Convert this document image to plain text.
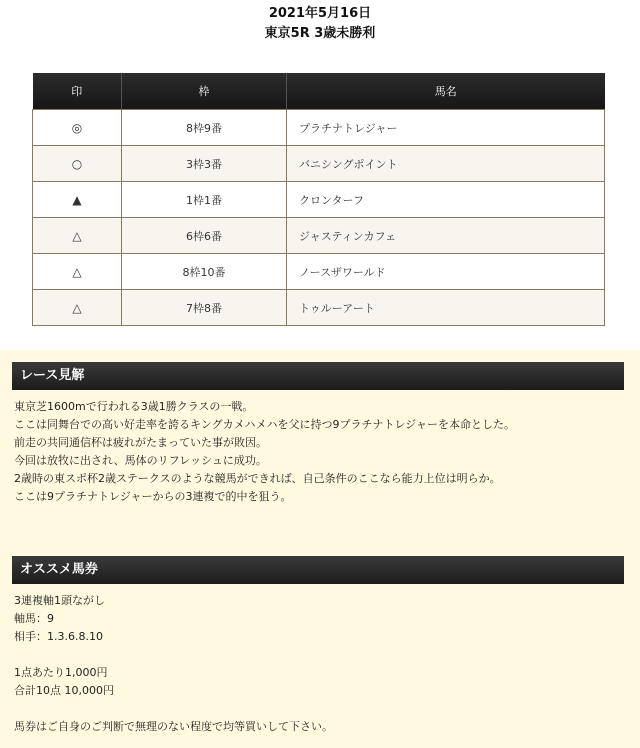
2021年5月16日
東京5R 3歳未勝利
印	枠	馬名
◎	8枠9番	プラチナトレジャー
○	3枠3番	バニシングポイント
▲	1枠1番	クロンターフ
△	6枠6番	ジャスティンカフェ
△	8枠10番	ノースザワールド
△	7枠8番	トゥルーアート
レース見解
東京芝1600mで行われる3歳1勝クラスの一戦。
ここは同舞台での高い好走率を誇るキングカメハメハを父に持つ9プラチナトレジャーを本命とした。
前走の共同通信杯は疲れがたまっていた事が敗因。
今回は放牧に出され、馬体のリフレッシュに成功。
2歳時の東スポ杯2歳ステークスのような競馬ができれば、自己条件のここなら能力上位は明らか。
ここは9プラチナトレジャーからの3連複で的中を狙う。
オススメ馬券
3連複軸1頭ながし
軸馬：9
相手：1.3.6.8.10
1点あたり1,000円
合計10点 10,000円
馬券はご自身のご判断で無理のない程度で均等買いして下さい。
